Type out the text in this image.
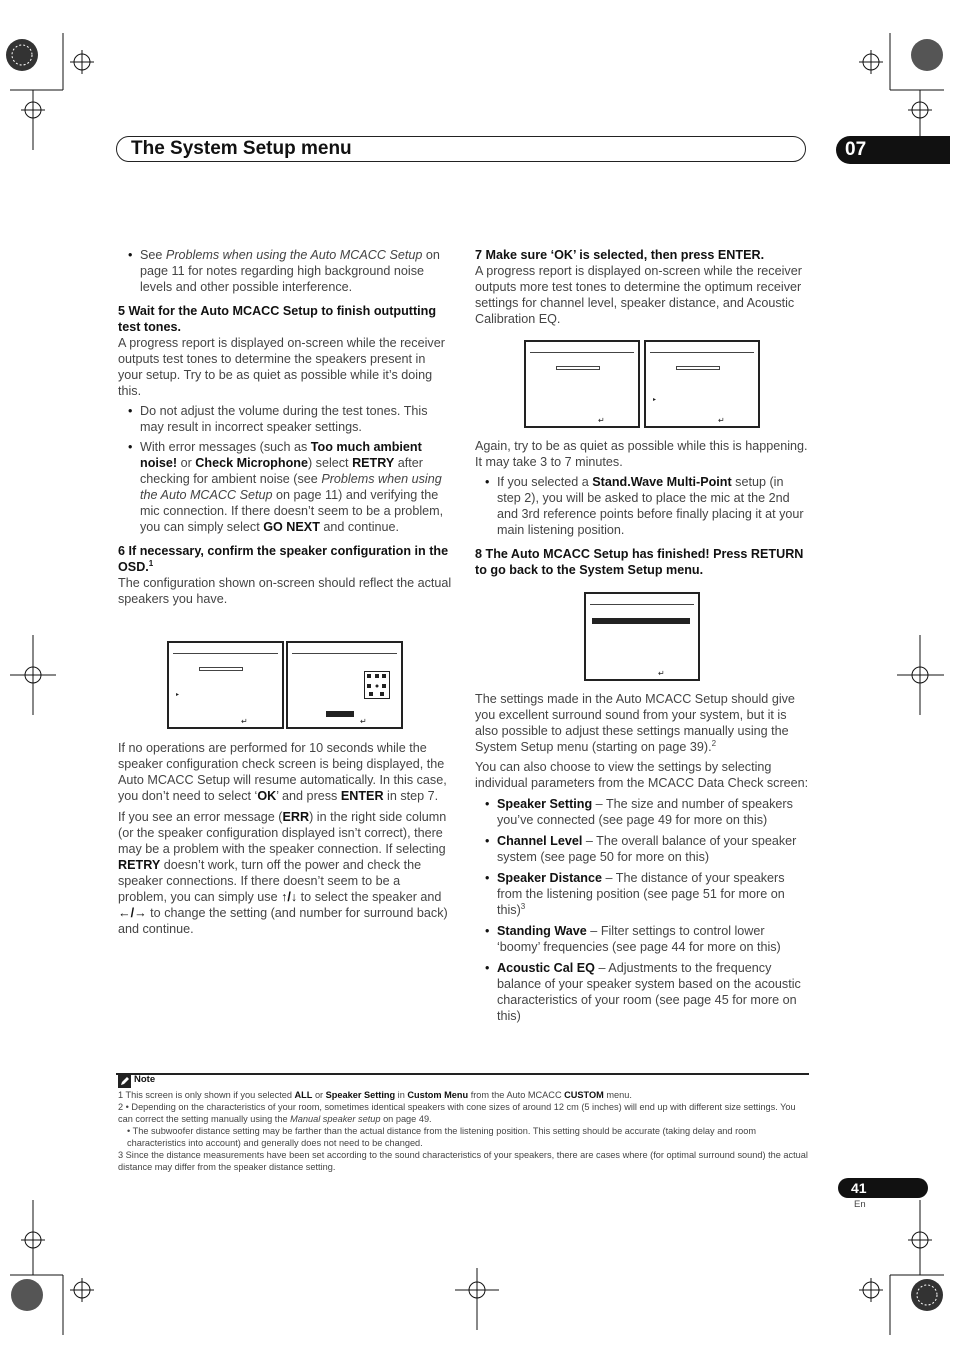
The System Setup menu	07

• See Problems when using the Auto MCACC Setup on page 11 for notes regarding high background noise levels and other possible interference.

5 Wait for the Auto MCACC Setup to finish outputting test tones.

A progress report is displayed on-screen while the receiver outputs test tones to determine the speakers present in your setup. Try to be as quiet as possible while it’s doing this.

• Do not adjust the volume during the test tones. This may result in incorrect speaker settings.

• With error messages (such as Too much ambient noise! or Check Microphone) select RETRY after checking for ambient noise (see Problems when using the Auto MCACC Setup on page 11) and verifying the mic connection. If there doesn’t seem to be a problem, you can simply select GO NEXT and continue.

6 If necessary, confirm the speaker configuration in the OSD.$^1$

The configuration shown on-screen should reflect the actual speakers you have.

▸
↵	↵

If no operations are performed for 10 seconds while the speaker configuration check screen is being displayed, the Auto MCACC Setup will resume automatically. In this case, you don’t need to select ‘OK’ and press ENTER in step 7.

If you see an error message (ERR) in the right side column (or the speaker configuration displayed isn’t correct), there may be a problem with the speaker connection. If selecting RETRY doesn’t work, turn off the power and check the speaker connections. If there doesn’t seem to be a problem, you can simply use ↑/↓ to select the speaker and ←/→ to change the setting (and number for surround back) and continue.

7 Make sure ‘OK’ is selected, then press ENTER.

A progress report is displayed on-screen while the receiver outputs more test tones to determine the optimum receiver settings for channel level, speaker distance, and Acoustic Calibration EQ.

↵
▸
↵

Again, try to be as quiet as possible while this is happening. It may take 3 to 7 minutes.

• If you selected a Stand.Wave Multi-Point setup (in step 2), you will be asked to place the mic at the 2nd and 3rd reference points before finally placing it at your main listening position.

8 The Auto MCACC Setup has finished! Press RETURN to go back to the System Setup menu.

↵

The settings made in the Auto MCACC Setup should give you excellent surround sound from your system, but it is also possible to adjust these settings manually using the System Setup menu (starting on page 39).$^2$

You can also choose to view the settings by selecting individual parameters from the MCACC Data Check screen:

• Speaker Setting – The size and number of speakers you’ve connected (see page 49 for more on this)

• Channel Level – The overall balance of your speaker system (see page 50 for more on this)

• Speaker Distance – The distance of your speakers from the listening position (see page 51 for more on this)$^3$

• Standing Wave – Filter settings to control lower ‘boomy’ frequencies (see page 44 for more on this)

• Acoustic Cal EQ – Adjustments to the frequency balance of your speaker system based on the acoustic characteristics of your room (see page 45 for more on this)

Note

1 This screen is only shown if you selected ALL or Speaker Setting in Custom Menu from the Auto MCACC CUSTOM menu.

2 • Depending on the characteristics of your room, sometimes identical speakers with cone sizes of around 12 cm (5 inches) will end up with different size settings. You can correct the setting manually using the Manual speaker setup on page 49.

• The subwoofer distance setting may be farther than the actual distance from the listening position. This setting should be accurate (taking delay and room characteristics into account) and generally does not need to be changed.

3 Since the distance measurements have been set according to the sound characteristics of your speakers, there are cases where (for optimal surround sound) the actual distance may differ from the speaker distance setting.

41
En
